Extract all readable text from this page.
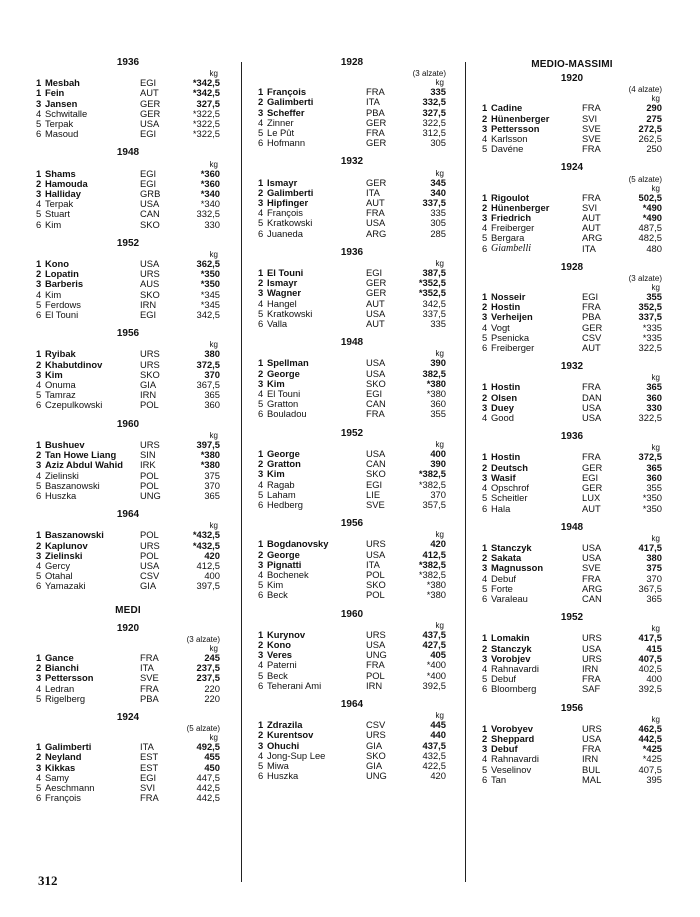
1936
kg
1 Mesbah	EGI	*342,5
1 Fein	AUT	*342,5
3 Jansen	GER	327,5
4 Schwitalle	GER	*322,5
5 Terpak	USA	*322,5
6 Masoud	EGI	*322,5
1948
kg
1 Shams	EGI	*360
2 Hamouda	EGI	*360
3 Halliday	GRB	*340
4 Terpak	USA	*340
5 Stuart	CAN	332,5
6 Kim	SKO	330
1952
kg
1 Kono	USA	362,5
2 Lopatin	URS	*350
3 Barberis	AUS	*350
4 Kim	SKO	*345
5 Ferdows	IRN	*345
6 El Touni	EGI	342,5
1956
kg
1 Ryibak	URS	380
2 Khabutdinov	URS	372,5
3 Kim	SKO	370
4 Onuma	GIA	367,5
5 Tamraz	IRN	365
6 Czepulkowski	POL	360
1960
kg
1 Bushuev	URS	397,5
2 Tan Howe Liang	SIN	*380
3 Aziz Abdul Wahid	IRK	*380
4 Zielinski	POL	375
5 Baszanowski	POL	370
6 Huszka	UNG	365
1964
kg
1 Baszanowski	POL	*432,5
2 Kaplunov	URS	*432,5
3 Zielinski	POL	420
4 Gercy	USA	412,5
5 Otahal	CSV	400
6 Yamazaki	GIA	397,5
MEDI
1920
(3 alzate)
kg
1 Gance	FRA	245
2 Bianchi	ITA	237,5
3 Pettersson	SVE	237,5
4 Ledran	FRA	220
5 Rigelberg	PBA	220
1924
(5 alzate)
kg
1 Galimberti	ITA	492,5
2 Neyland	EST	455
3 Kikkas	EST	450
4 Samy	EGI	447,5
5 Aeschmann	SVI	442,5
6 François	FRA	442,5
1928
(3 alzate)
kg
1 François	FRA	335
2 Galimberti	ITA	332,5
3 Scheffer	PBA	327,5
4 Zinner	GER	322,5
5 Le Pût	FRA	312,5
6 Hofmann	GER	305
1932
kg
1 Ismayr	GER	345
2 Galimberti	ITA	340
3 Hipfinger	AUT	337,5
4 François	FRA	335
5 Kratkowski	USA	305
6 Juaneda	ARG	285
1936
kg
1 El Touni	EGI	387,5
2 Ismayr	GER	*352,5
3 Wagner	GER	*352,5
4 Hangel	AUT	342,5
5 Kratkowski	USA	337,5
6 Valla	AUT	335
1948
kg
1 Spellman	USA	390
2 George	USA	382,5
3 Kim	SKO	*380
4 El Touni	EGI	*380
5 Gratton	CAN	360
6 Bouladou	FRA	355
1952
kg
1 George	USA	400
2 Gratton	CAN	390
3 Kim	SKO	*382,5
4 Ragab	EGI	*382,5
5 Laham	LIE	370
6 Hedberg	SVE	357,5
1956
kg
1 Bogdanovsky	URS	420
2 George	USA	412,5
3 Pignatti	ITA	*382,5
4 Bochenek	POL	*382,5
5 Kim	SKO	*380
6 Beck	POL	*380
1960
kg
1 Kurynov	URS	437,5
2 Kono	USA	427,5
3 Veres	UNG	405
4 Paterni	FRA	*400
5 Beck	POL	*400
6 Teherani Ami	IRN	392,5
1964
kg
1 Zdrazila	CSV	445
2 Kurentsov	URS	440
3 Ohuchi	GIA	437,5
4 Jong-Sup Lee	SKO	432,5
5 Miwa	GIA	422,5
6 Huszka	UNG	420
MEDIO-MASSIMI
1920
(4 alzate)
kg
1 Cadine	FRA	290
2 Hünenberger	SVI	275
3 Pettersson	SVE	272,5
4 Karlsson	SVE	262,5
5 Davéne	FRA	250
1924
(5 alzate)
kg
1 Rigoulot	FRA	502,5
2 Hünenberger	SVI	*490
3 Friedrich	AUT	*490
4 Freiberger	AUT	487,5
5 Bergara	ARG	482,5
6 Giambelli	ITA	480
1928
(3 alzate)
kg
1 Nosseir	EGI	355
2 Hostin	FRA	352,5
3 Verheijen	PBA	337,5
4 Vogt	GER	*335
5 Psenicka	CSV	*335
6 Freiberger	AUT	322,5
1932
kg
1 Hostin	FRA	365
2 Olsen	DAN	360
3 Duey	USA	330
4 Good	USA	322,5
1936
kg
1 Hostin	FRA	372,5
2 Deutsch	GER	365
3 Wasif	EGI	360
4 Opschrof	GER	355
5 Scheitler	LUX	*350
6 Hala	AUT	*350
1948
kg
1 Stanczyk	USA	417,5
2 Sakata	USA	380
3 Magnusson	SVE	375
4 Debuf	FRA	370
5 Forte	ARG	367,5
6 Varaleau	CAN	365
1952
kg
1 Lomakin	URS	417,5
2 Stanczyk	USA	415
3 Vorobjev	URS	407,5
4 Rahnavardi	IRN	402,5
5 Debuf	FRA	400
6 Bloomberg	SAF	392,5
1956
kg
1 Vorobyev	URS	462,5
2 Sheppard	USA	442,5
3 Debuf	FRA	*425
4 Rahnavardi	IRN	*425
5 Veselinov	BUL	407,5
6 Tan	MAL	395
312
